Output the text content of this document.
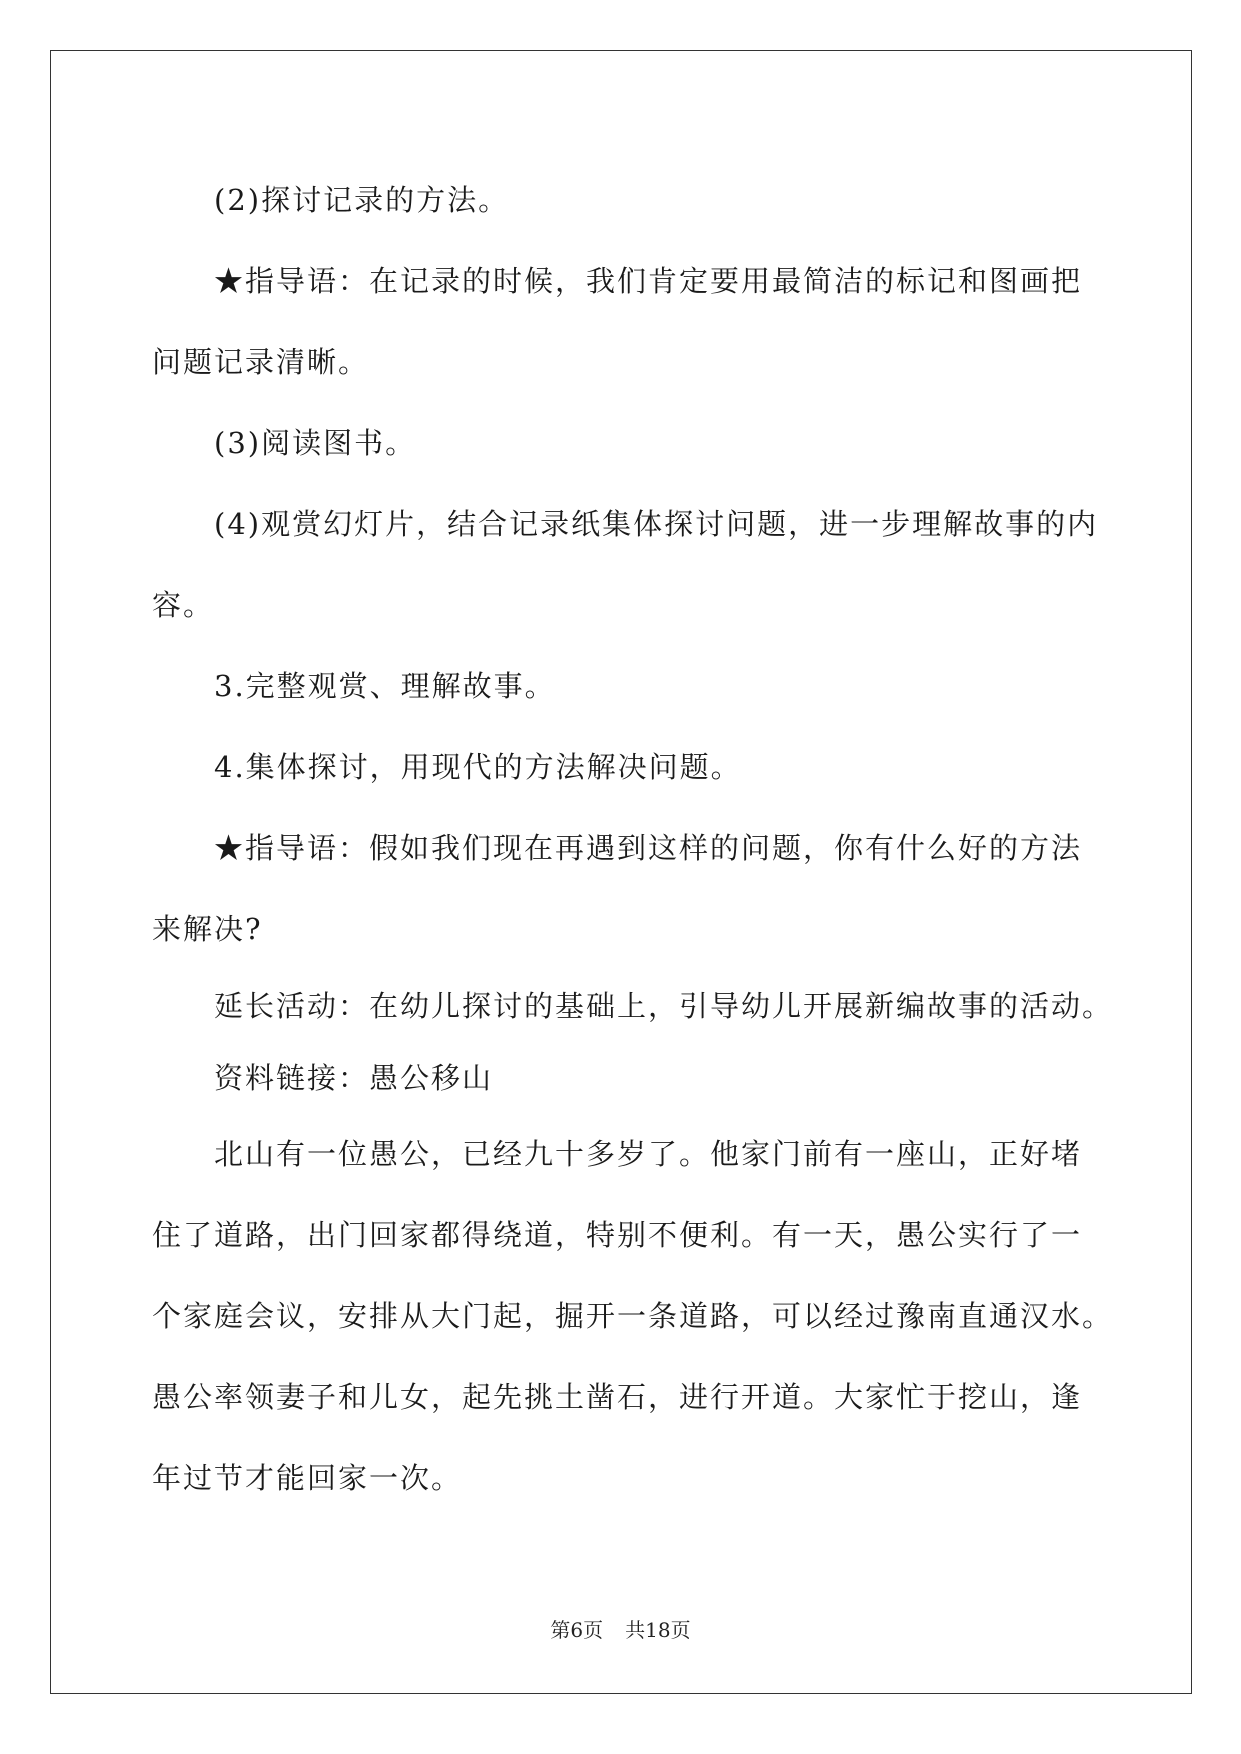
(2)探讨记录的方法。

★指导语：在记录的时候，我们肯定要用最简洁的标记和图画把
问题记录清晰。

(3)阅读图书。

(4)观赏幻灯片，结合记录纸集体探讨问题，进一步理解故事的内
容。

3.完整观赏、理解故事。

4.集体探讨，用现代的方法解决问题。

★指导语：假如我们现在再遇到这样的问题，你有什么好的方法
来解决?

延长活动：在幼儿探讨的基础上，引导幼儿开展新编故事的活动。

资料链接：愚公移山

北山有一位愚公，已经九十多岁了。他家门前有一座山，正好堵
住了道路，出门回家都得绕道，特别不便利。有一天，愚公实行了一
个家庭会议，安排从大门起，掘开一条道路，可以经过豫南直通汉水。
愚公率领妻子和儿女，起先挑土凿石，进行开道。大家忙于挖山，逢
年过节才能回家一次。

第6页 共18页
